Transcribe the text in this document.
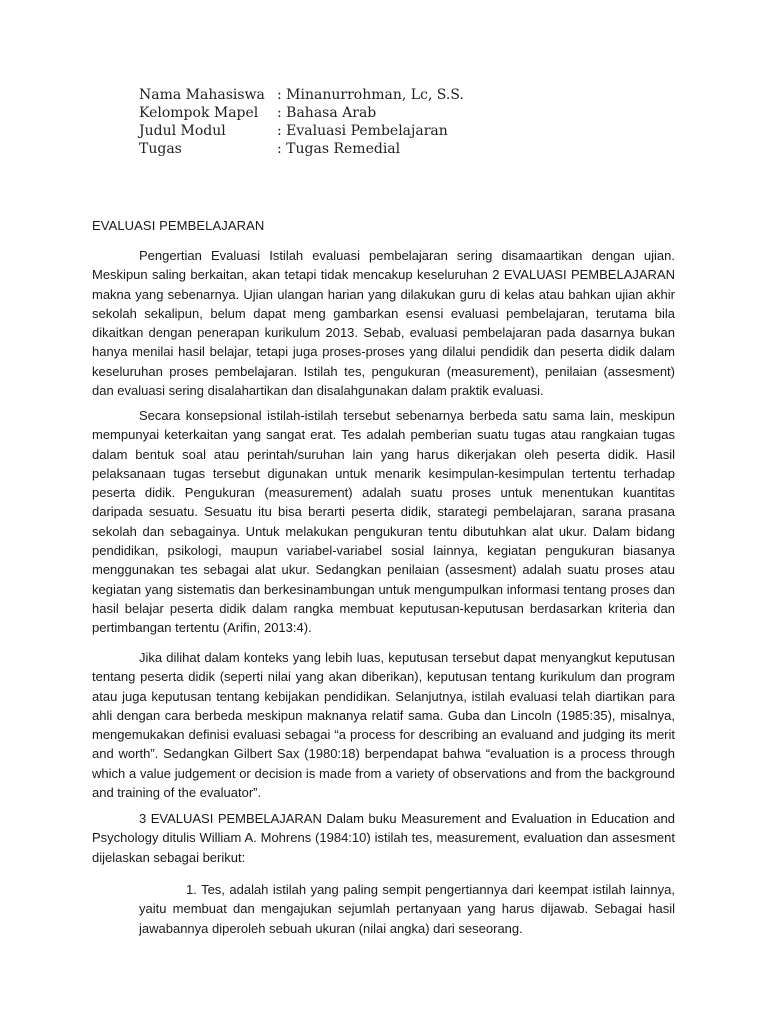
Nama Mahasiswa : Minanurrohman, Lc, S.S.
Kelompok Mapel	: Bahasa Arab
Judul Modul	: Evaluasi Pembelajaran
Tugas	: Tugas Remedial
EVALUASI PEMBELAJARAN

Pengertian Evaluasi Istilah evaluasi pembelajaran sering disamaartikan dengan ujian. Meskipun saling berkaitan, akan tetapi tidak mencakup keseluruhan 2 EVALUASI PEMBELAJARAN makna yang sebenarnya. Ujian ulangan harian yang dilakukan guru di kelas atau bahkan ujian akhir sekolah sekalipun, belum dapat meng gambarkan esensi evaluasi pembelajaran, terutama bila dikaitkan dengan penerapan kurikulum 2013. Sebab, evaluasi pembelajaran pada dasarnya bukan hanya menilai hasil belajar, tetapi juga proses-proses yang dilalui pendidik dan peserta didik dalam keseluruhan proses pembelajaran. Istilah tes, pengukuran (measurement), penilaian (assesment) dan evaluasi sering disalahartikan dan disalahgunakan dalam praktik evaluasi.

Secara konsepsional istilah-istilah tersebut sebenarnya berbeda satu sama lain, meskipun mempunyai keterkaitan yang sangat erat. Tes adalah pemberian suatu tugas atau rangkaian tugas dalam bentuk soal atau perintah/suruhan lain yang harus dikerjakan oleh peserta didik. Hasil pelaksanaan tugas tersebut digunakan untuk menarik kesimpulan-kesimpulan tertentu terhadap peserta didik. Pengukuran (measurement) adalah suatu proses untuk menentukan kuantitas daripada sesuatu. Sesuatu itu bisa berarti peserta didik, starategi pembelajaran, sarana prasana sekolah dan sebagainya. Untuk melakukan pengukuran tentu dibutuhkan alat ukur. Dalam bidang pendidikan, psikologi, maupun variabel-variabel sosial lainnya, kegiatan pengukuran biasanya menggunakan tes sebagai alat ukur. Sedangkan penilaian (assesment) adalah suatu proses atau kegiatan yang sistematis dan berkesinambungan untuk mengumpulkan informasi tentang proses dan hasil belajar peserta didik dalam rangka membuat keputusan-keputusan berdasarkan kriteria dan pertimbangan tertentu (Arifin, 2013:4).

Jika dilihat dalam konteks yang lebih luas, keputusan tersebut dapat menyangkut keputusan tentang peserta didik (seperti nilai yang akan diberikan), keputusan tentang kurikulum dan program atau juga keputusan tentang kebijakan pendidikan. Selanjutnya, istilah evaluasi telah diartikan para ahli dengan cara berbeda meskipun maknanya relatif sama. Guba dan Lincoln (1985:35), misalnya, mengemukakan definisi evaluasi sebagai “a process for describing an evaluand and judging its merit and worth”. Sedangkan Gilbert Sax (1980:18) berpendapat bahwa “evaluation is a process through which a value judgement or decision is made from a variety of observations and from the background and training of the evaluator”.

3 EVALUASI PEMBELAJARAN Dalam buku Measurement and Evaluation in Education and Psychology ditulis William A. Mohrens (1984:10) istilah tes, measurement, evaluation dan assesment dijelaskan sebagai berikut:

1. Tes, adalah istilah yang paling sempit pengertiannya dari keempat istilah lainnya, yaitu membuat dan mengajukan sejumlah pertanyaan yang harus dijawab. Sebagai hasil jawabannya diperoleh sebuah ukuran (nilai angka) dari seseorang.
